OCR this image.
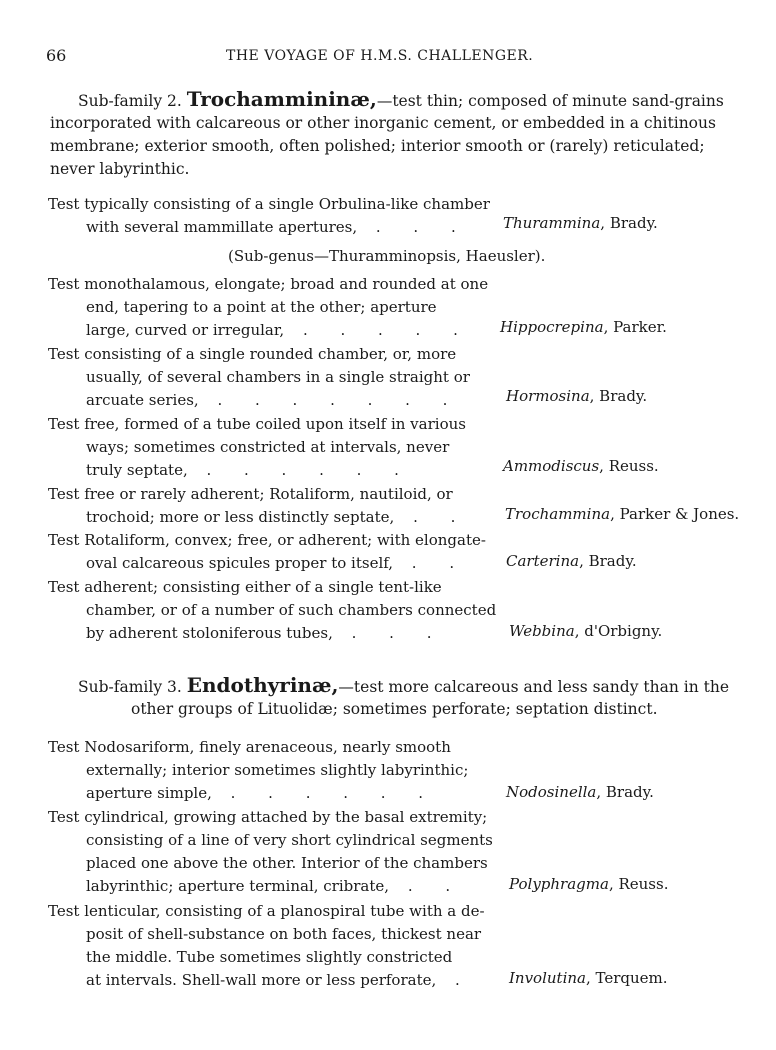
66	THE VOYAGE OF H.M.S. CHALLENGER.
Sub-family 2. Trochammininæ,—test thin; composed of minute sand-grains
incorporated with calcareous or other inorganic cement, or embedded in a chitinous
membrane; exterior smooth, often polished; interior smooth or (rarely) reticulated;
never labyrinthic.
Test typically consisting of a single Orbulina-like chamber
with several mammillate apertures, . . . Thurammina, Brady.
(Sub-genus—Thuramminopsis, Haeusler).
Test monothalamous, elongate; broad and rounded at one
end, tapering to a point at the other; aperture
large, curved or irregular, . . . . . Hippocrepina, Parker.
Test consisting of a single rounded chamber, or, more
usually, of several chambers in a single straight or
arcuate series, . . . . . . .	Hormosina, Brady.
Test free, formed of a tube coiled upon itself in various
ways; sometimes constricted at intervals, never
truly septate, . . . . . .	Ammodiscus, Reuss.
Test free or rarely adherent; Rotaliform, nautiloid, or
trochoid; more or less distinctly septate, . . Trochammina, Parker & Jones.
Test Rotaliform, convex; free, or adherent; with elongate-
oval calcareous spicules proper to itself, . .	Carterina, Brady.
Test adherent; consisting either of a single tent-like
chamber, or of a number of such chambers connected
by adherent stoloniferous tubes, . . .	Webbina, d'Orbigny.
Sub-family 3. Endothyrinæ,—test more calcareous and less sandy than in the
other groups of Lituolidæ; sometimes perforate; septation distinct.
Test Nodosariform, finely arenaceous, nearly smooth
externally; interior sometimes slightly labyrinthic;
aperture simple, . . . . . .	Nodosinella, Brady.
Test cylindrical, growing attached by the basal extremity;
consisting of a line of very short cylindrical segments
placed one above the other. Interior of the chambers
labyrinthic; aperture terminal, cribrate, . .	Polyphragma, Reuss.
Test lenticular, consisting of a planospiral tube with a de-
posit of shell-substance on both faces, thickest near
the middle. Tube sometimes slightly constricted
at intervals. Shell-wall more or less perforate, . Involutina, Terquem.
